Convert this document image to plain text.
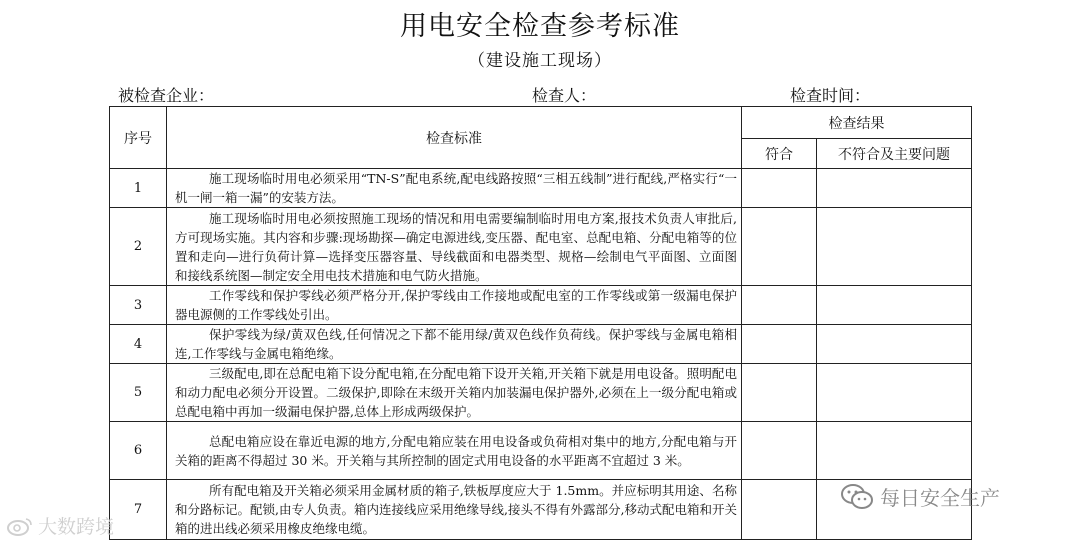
用电安全检查参考标准
（建设施工现场）
被检查企业：	检查人：	检查时间：
序号	检查标准	检查结果	
		符合	不符合及主要问题
1	施工现场临时用电必须采用“TN-S”配电系统,配电线路按照“三相五线制”进行配线,严格实行“一机一闸一箱一漏”的安装方法。		
2	施工现场临时用电必须按照施工现场的情况和用电需要编制临时用电方案,报技术负责人审批后,方可现场实施。其内容和步骤:现场勘探—确定电源进线,变压器、配电室、总配电箱、分配电箱等的位置和走向—进行负荷计算—选择变压器容量、导线截面和电器类型、规格—绘制电气平面图、立面图和接线系统图—制定安全用电技术措施和电气防火措施。		
3	工作零线和保护零线必须严格分开,保护零线由工作接地或配电室的工作零线或第一级漏电保护器电源侧的工作零线处引出。		
4	保护零线为绿/黄双色线,任何情况之下都不能用绿/黄双色线作负荷线。保护零线与金属电箱相连,工作零线与金属电箱绝缘。		
5	三级配电,即在总配电箱下设分配电箱,在分配电箱下设开关箱,开关箱下就是用电设备。照明配电和动力配电必须分开设置。二级保护,即除在末级开关箱内加装漏电保护器外,必须在上一级分配电箱或总配电箱中再加一级漏电保护器,总体上形成两级保护。		
6	总配电箱应设在靠近电源的地方,分配电箱应装在用电设备或负荷相对集中的地方,分配电箱与开关箱的距离不得超过 30 米。开关箱与其所控制的固定式用电设备的水平距离不宜超过 3 米。		
7	所有配电箱及开关箱必须采用金属材质的箱子,铁板厚度应大于 1.5mm。并应标明其用途、名称和分路标记。配锁,由专人负责。箱内连接线应采用绝缘导线,接头不得有外露部分,移动式配电箱和开关箱的进出线必须采用橡皮绝缘电缆。		
大数跨境
每日安全生产
